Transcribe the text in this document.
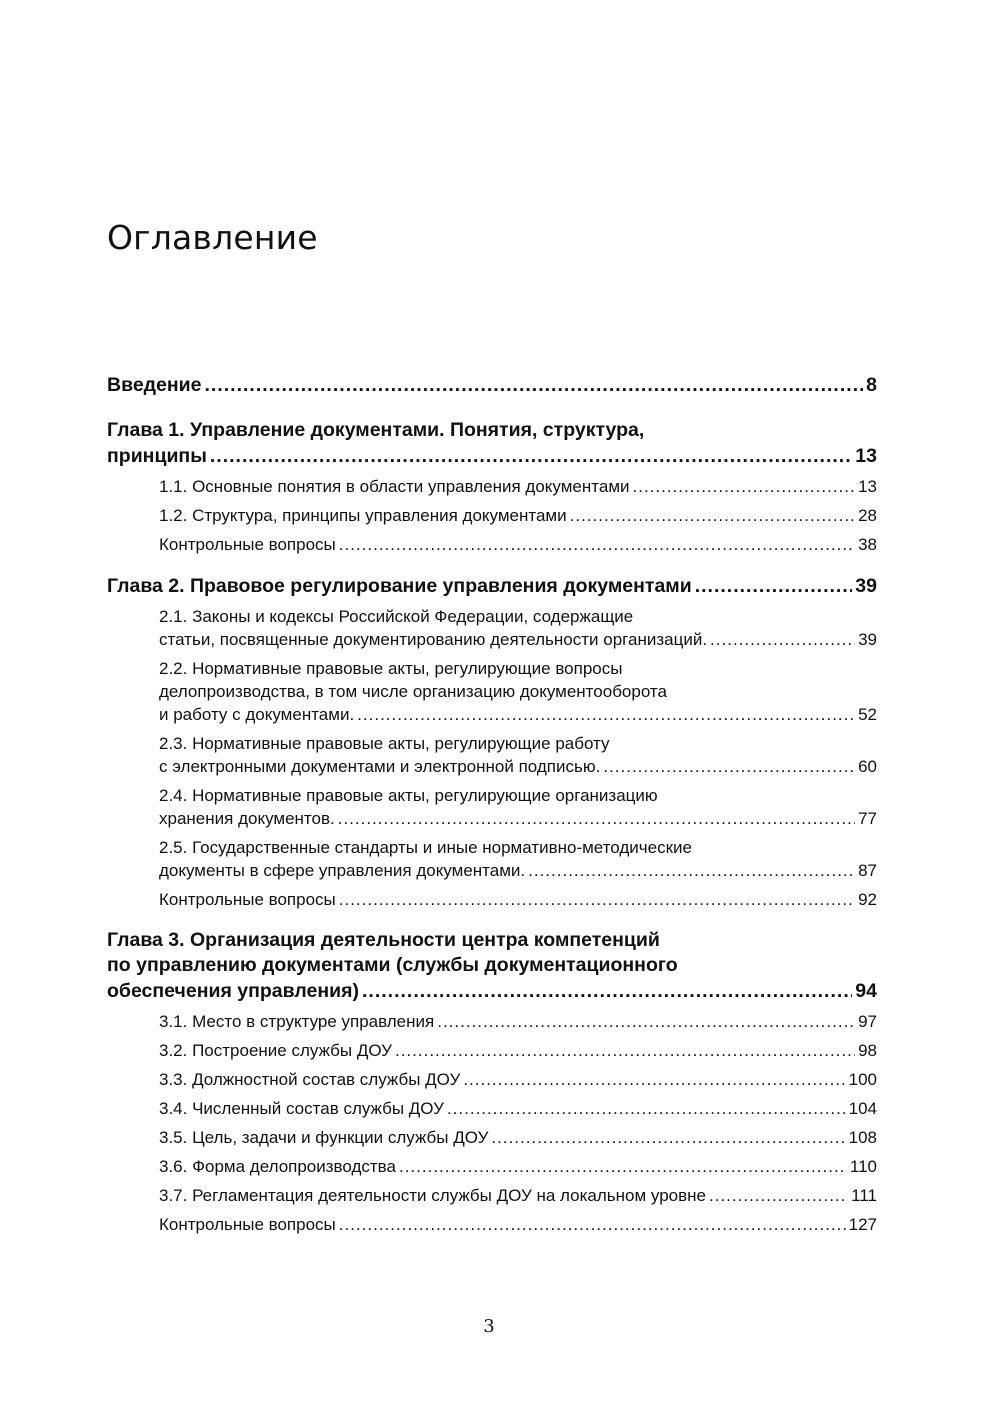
Оглавление
Введение .....	8
Глава 1. Управление документами. Понятия, структура,
принципы .....	13
1.1. Основные понятия в области управления документами .....	13
1.2. Структура, принципы управления документами .....	28
Контрольные вопросы .....	38
Глава 2. Правовое регулирование управления документами .....	39
2.1. Законы и кодексы Российской Федерации, содержащие
статьи, посвященные документированию деятельности организаций. .....	39
2.2. Нормативные правовые акты, регулирующие вопросы
делопроизводства, в том числе организацию документооборота
и работу с документами. .....	52
2.3. Нормативные правовые акты, регулирующие работу
с электронными документами и электронной подписью. .....	60
2.4. Нормативные правовые акты, регулирующие организацию
хранения документов. .....	77
2.5. Государственные стандарты и иные нормативно-методические
документы в сфере управления документами. .....	87
Контрольные вопросы .....	92
Глава 3. Организация деятельности центра компетенций
по управлению документами (службы документационного
обеспечения управления) .....	94
3.1. Место в структуре управления .....	97
3.2. Построение службы ДОУ .....	98
3.3. Должностной состав службы ДОУ .....	100
3.4. Численный состав службы ДОУ .....	104
3.5. Цель, задачи и функции службы ДОУ .....	108
3.6. Форма делопроизводства .....	110
3.7. Регламентация деятельности службы ДОУ на локальном уровне .....	111
Контрольные вопросы .....	127
3
